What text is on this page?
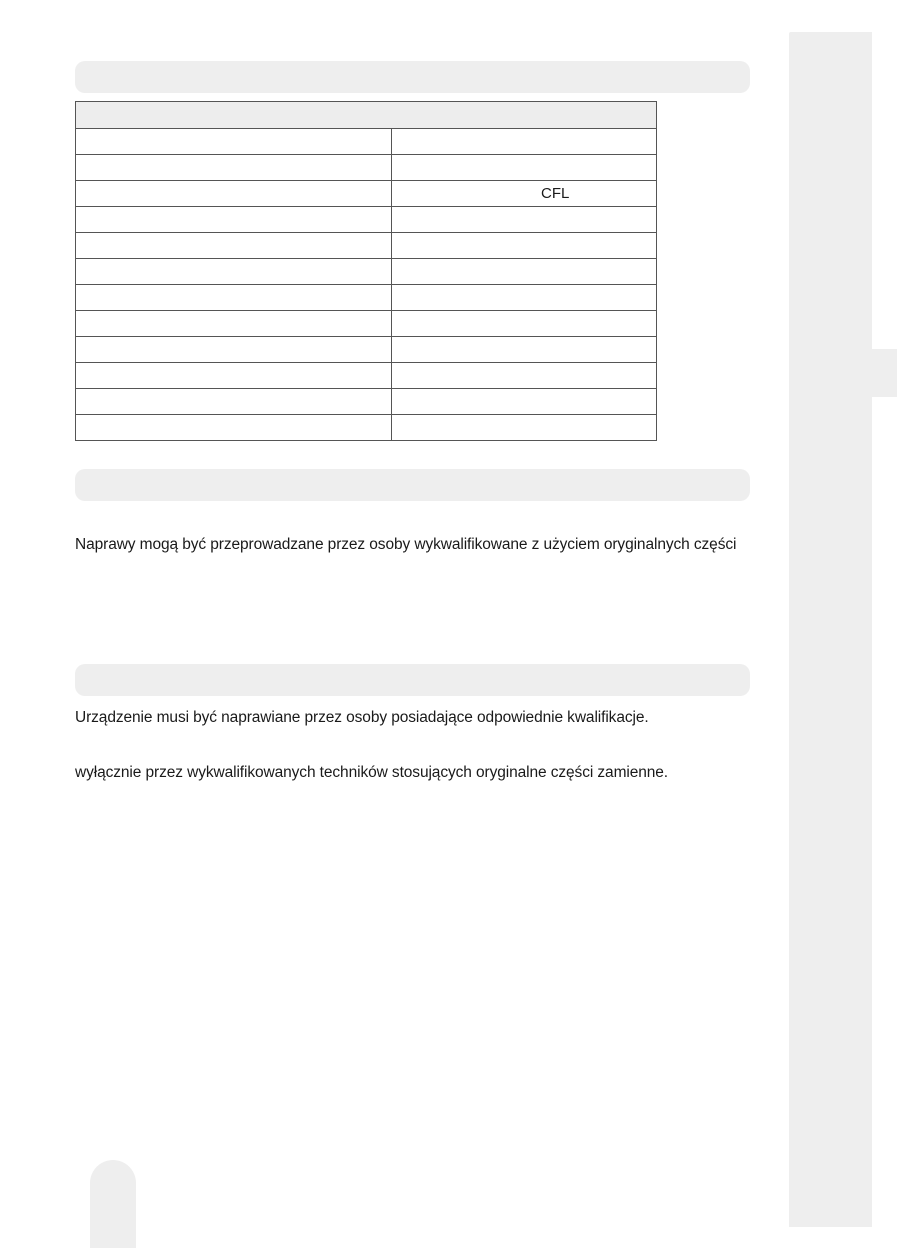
CFL
Naprawy mogą być przeprowadzane przez osoby wykwalifikowane z użyciem oryginalnych części
Urządzenie musi być naprawiane przez osoby posiadające odpowiednie kwalifikacje.
wyłącznie przez wykwalifikowanych techników stosujących oryginalne części zamienne.
